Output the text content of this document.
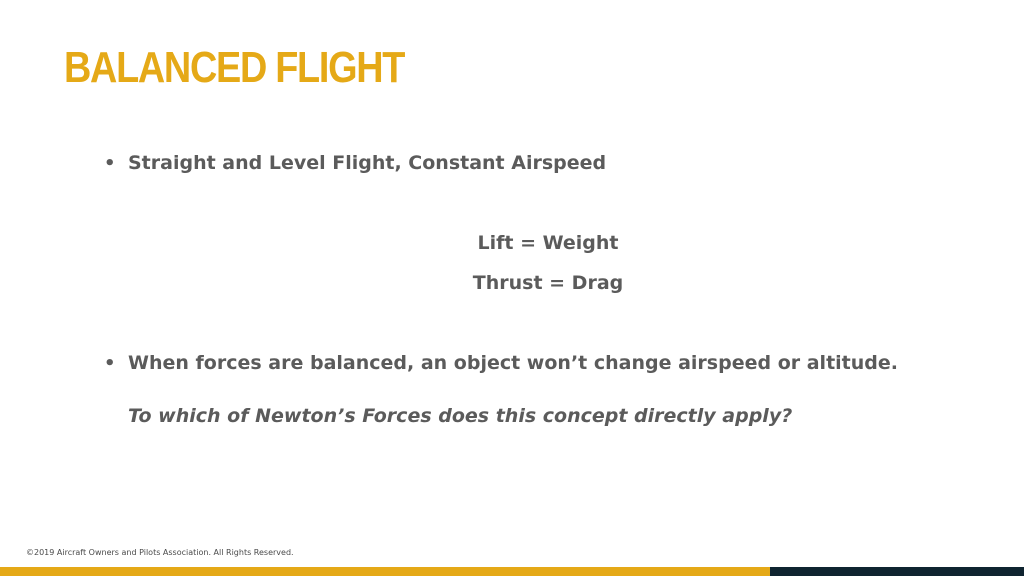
BALANCED FLIGHT
• Straight and Level Flight, Constant Airspeed
Lift = Weight
Thrust = Drag
• When forces are balanced, an object won’t change airspeed or altitude.
To which of Newton’s Forces does this concept directly apply?
©2019 Aircraft Owners and Pilots Association. All Rights Reserved.
